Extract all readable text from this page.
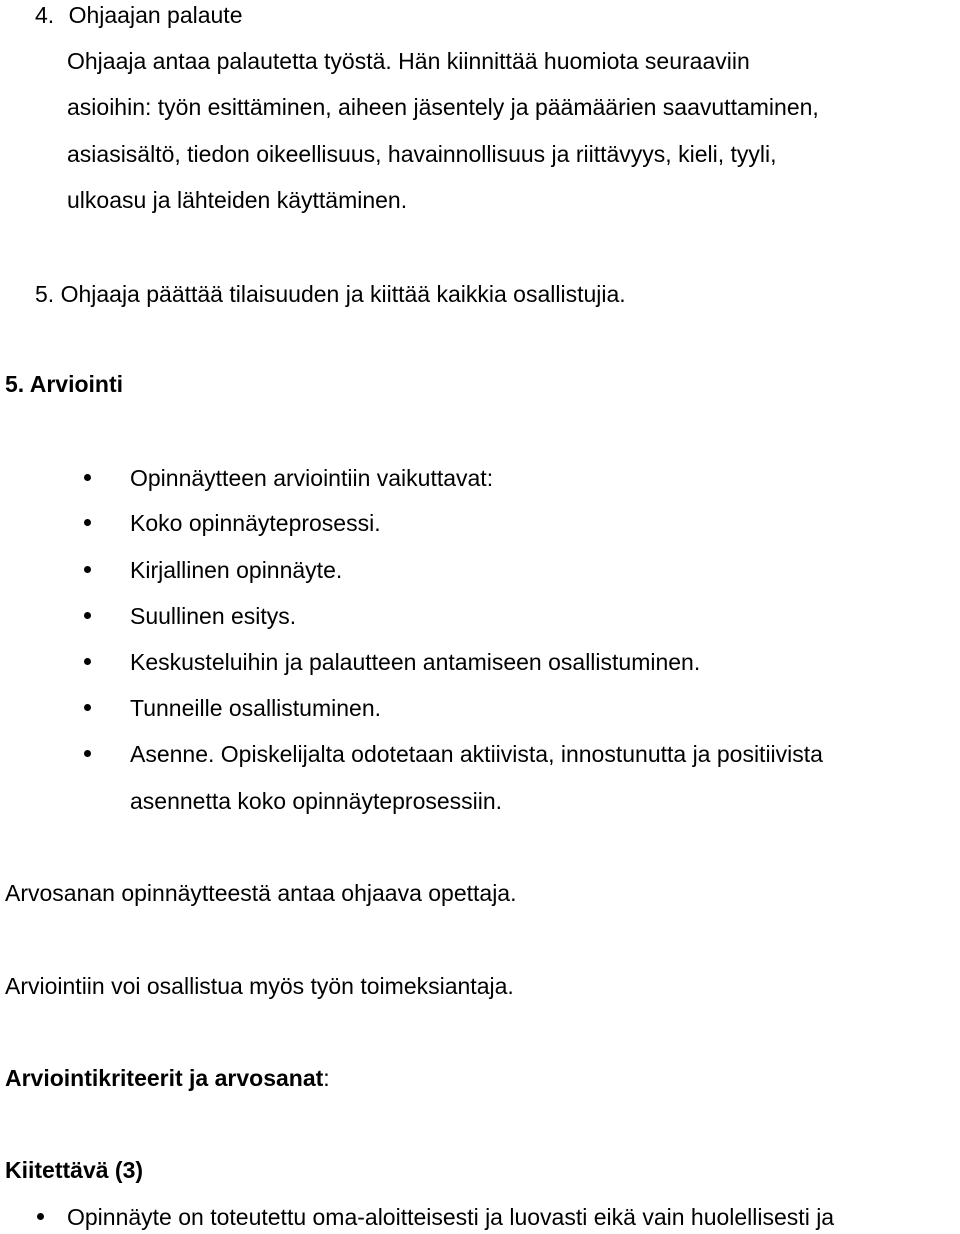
4. Ohjaajan palaute
Ohjaaja antaa palautetta työstä. Hän kiinnittää huomiota seuraaviin
asioihin: työn esittäminen, aiheen jäsentely ja päämäärien saavuttaminen,
asiasisältö, tiedon oikeellisuus, havainnollisuus ja riittävyys, kieli, tyyli,
ulkoasu ja lähteiden käyttäminen.
5. Ohjaaja päättää tilaisuuden ja kiittää kaikkia osallistujia.
5. Arviointi
Opinnäytteen arviointiin vaikuttavat:
Koko opinnäyteprosessi.
Kirjallinen opinnäyte.
Suullinen esitys.
Keskusteluihin ja palautteen antamiseen osallistuminen.
Tunneille osallistuminen.
Asenne. Opiskelijalta odotetaan aktiivista, innostunutta ja positiivista
asennetta koko opinnäyteprosessiin.
Arvosanan opinnäytteestä antaa ohjaava opettaja.
Arviointiin voi osallistua myös työn toimeksiantaja.
Arviointikriteerit ja arvosanat:
Kiitettävä (3)
Opinnäyte on toteutettu oma-aloitteisesti ja luovasti eikä vain huolellisesti ja
